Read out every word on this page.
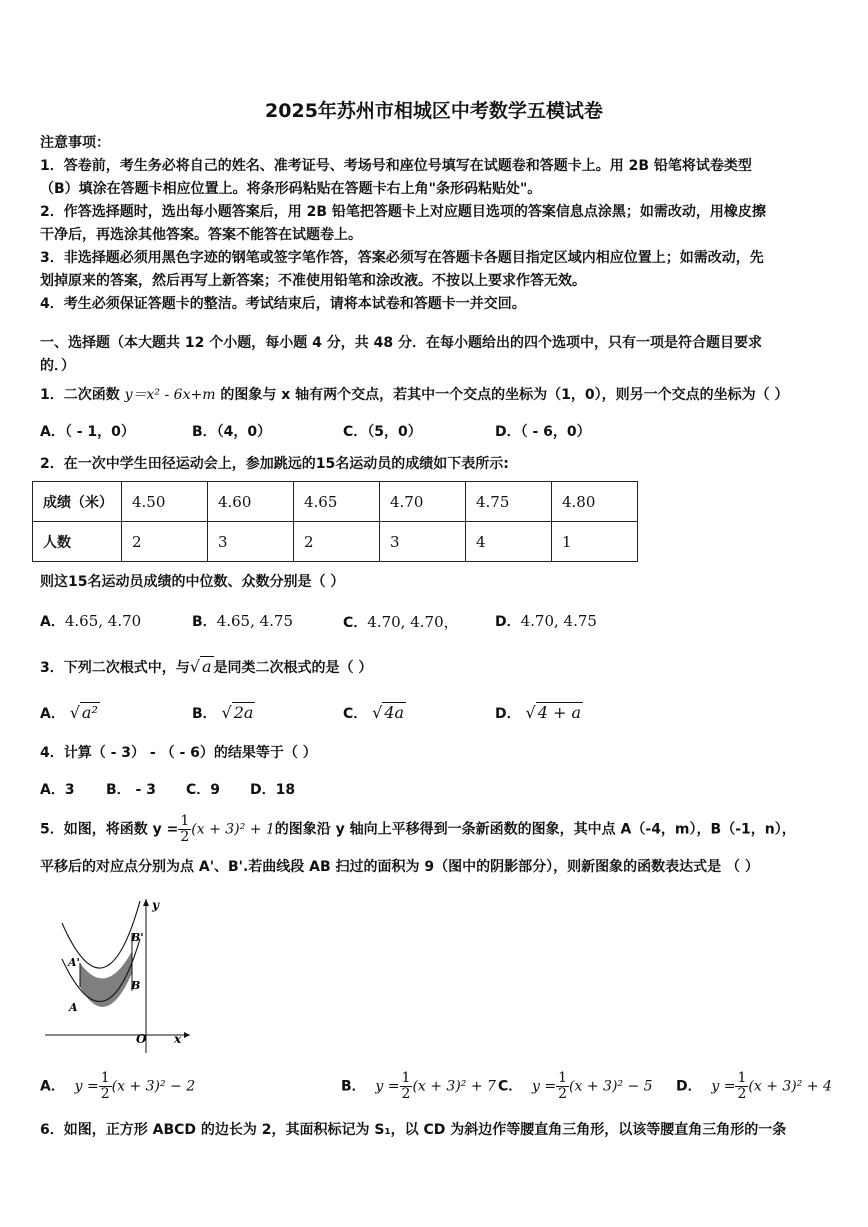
2025年苏州市相城区中考数学五模试卷
注意事项：
1．答卷前，考生务必将自己的姓名、准考证号、考场号和座位号填写在试题卷和答题卡上。用 2B 铅笔将试卷类型
（B）填涂在答题卡相应位置上。将条形码粘贴在答题卡右上角"条形码粘贴处"。
2．作答选择题时，选出每小题答案后，用 2B 铅笔把答题卡上对应题目选项的答案信息点涂黑；如需改动，用橡皮擦
干净后，再选涂其他答案。答案不能答在试题卷上。
3．非选择题必须用黑色字迹的钢笔或签字笔作答，答案必须写在答题卡各题目指定区域内相应位置上；如需改动，先
划掉原来的答案，然后再写上新答案；不准使用铅笔和涂改液。不按以上要求作答无效。
4．考生必须保证答题卡的整洁。考试结束后，请将本试卷和答题卡一并交回。
一、选择题（本大题共 12 个小题，每小题 4 分，共 48 分．在每小题给出的四个选项中，只有一项是符合题目要求
的．）
1．二次函数 y＝x² - 6x+m 的图象与 x 轴有两个交点，若其中一个交点的坐标为（1，0），则另一个交点的坐标为（ ）
A．（ - 1，0）	B．（4，0）	C．（5，0）	D．（ - 6，0）
2．在一次中学生田径运动会上，参加跳远的15名运动员的成绩如下表所示:
成绩（米）	4.50	4.60	4.65	4.70	4.75	4.80
人数	2	3	2	3	4	1
则这15名运动员成绩的中位数、众数分别是（ ）
A．4.65, 4.70	B．4.65, 4.75	C．4.70, 4.70，	D．4.70, 4.75
3．下列二次根式中，与√ a 是同类二次根式的是（ ）
A． √ a²	B． √ 2a	C． √ 4a	D． √ 4 + a
4．计算（ - 3） - （ - 6）的结果等于（ ）
A．3 B． - 3 C．9 D．18
5．如图，将函数 $y = \frac{1}{2} (x + 3)^2 + 1$的图象沿 y 轴向上平移得到一条新函数的图象，其中点 A（-4，m），B（-1，n），
平移后的对应点分别为点 A'、B'.若曲线段 AB 扫过的面积为 9（图中的阴影部分），则新图象的函数表达式是 （ ）
y
x
O
A
B
A'
B'
A． $y = \frac{1}{2} (x + 3)^2 - 2$	B． $y = \frac{1}{2} (x + 3)^2 + 7$ C． $y = \frac{1}{2} (x + 3)^2 - 5$ D． $y = \frac{1}{2} (x + 3)^2 + 4$
6．如图，正方形 ABCD 的边长为 2，其面积标记为 S₁，以 CD 为斜边作等腰直角三角形，以该等腰直角三角形的一条
